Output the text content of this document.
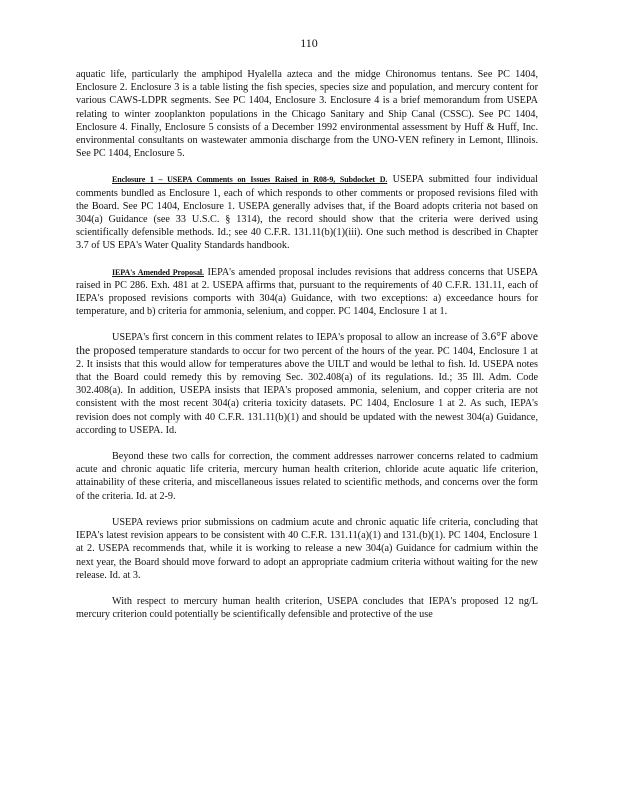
110

aquatic life, particularly the amphipod Hyalella azteca and the midge Chironomus tentans. See PC 1404, Enclosure 2. Enclosure 3 is a table listing the fish species, species size and population, and mercury content for various CAWS-LDPR segments. See PC 1404, Enclosure 3. Enclosure 4 is a brief memorandum from USEPA relating to winter zooplankton populations in the Chicago Sanitary and Ship Canal (CSSC). See PC 1404, Enclosure 4. Finally, Enclosure 5 consists of a December 1992 environmental assessment by Huff & Huff, Inc. environmental consultants on wastewater ammonia discharge from the UNO-VEN refinery in Lemont, Illinois. See PC 1404, Enclosure 5.

Enclosure 1 – USEPA Comments on Issues Raised in R08-9, Subdocket D. USEPA submitted four individual comments bundled as Enclosure 1, each of which responds to other comments or proposed revisions filed with the Board. See PC 1404, Enclosure 1. USEPA generally advises that, if the Board adopts criteria not based on 304(a) Guidance (see 33 U.S.C. § 1314), the record should show that the criteria were derived using scientifically defensible methods. Id.; see 40 C.F.R. 131.11(b)(1)(iii). One such method is described in Chapter 3.7 of US EPA's Water Quality Standards handbook.

IEPA's Amended Proposal. IEPA's amended proposal includes revisions that address concerns that USEPA raised in PC 286. Exh. 481 at 2. USEPA affirms that, pursuant to the requirements of 40 C.F.R. 131.11, each of IEPA's proposed revisions comports with 304(a) Guidance, with two exceptions: a) exceedance hours for temperature, and b) criteria for ammonia, selenium, and copper. PC 1404, Enclosure 1 at 1.

USEPA's first concern in this comment relates to IEPA's proposal to allow an increase of 3.6°F above the proposed temperature standards to occur for two percent of the hours of the year. PC 1404, Enclosure 1 at 2. It insists that this would allow for temperatures above the UILT and would be lethal to fish. Id. USEPA notes that the Board could remedy this by removing Sec. 302.408(a) of its regulations. Id.; 35 Ill. Adm. Code 302.408(a). In addition, USEPA insists that IEPA's proposed ammonia, selenium, and copper criteria are not consistent with the most recent 304(a) criteria toxicity datasets. PC 1404, Enclosure 1 at 2. As such, IEPA's revision does not comply with 40 C.F.R. 131.11(b)(1) and should be updated with the newest 304(a) Guidance, according to USEPA. Id.

Beyond these two calls for correction, the comment addresses narrower concerns related to cadmium acute and chronic aquatic life criteria, mercury human health criterion, chloride acute aquatic life criterion, attainability of these criteria, and miscellaneous issues related to scientific methods, and concerns over the form of the criteria. Id. at 2-9.

USEPA reviews prior submissions on cadmium acute and chronic aquatic life criteria, concluding that IEPA's latest revision appears to be consistent with 40 C.F.R. 131.11(a)(1) and 131.(b)(1). PC 1404, Enclosure 1 at 2. USEPA recommends that, while it is working to release a new 304(a) Guidance for cadmium within the next year, the Board should move forward to adopt an appropriate cadmium criteria without waiting for the new release. Id. at 3.

With respect to mercury human health criterion, USEPA concludes that IEPA's proposed 12 ng/L mercury criterion could potentially be scientifically defensible and protective of the use
